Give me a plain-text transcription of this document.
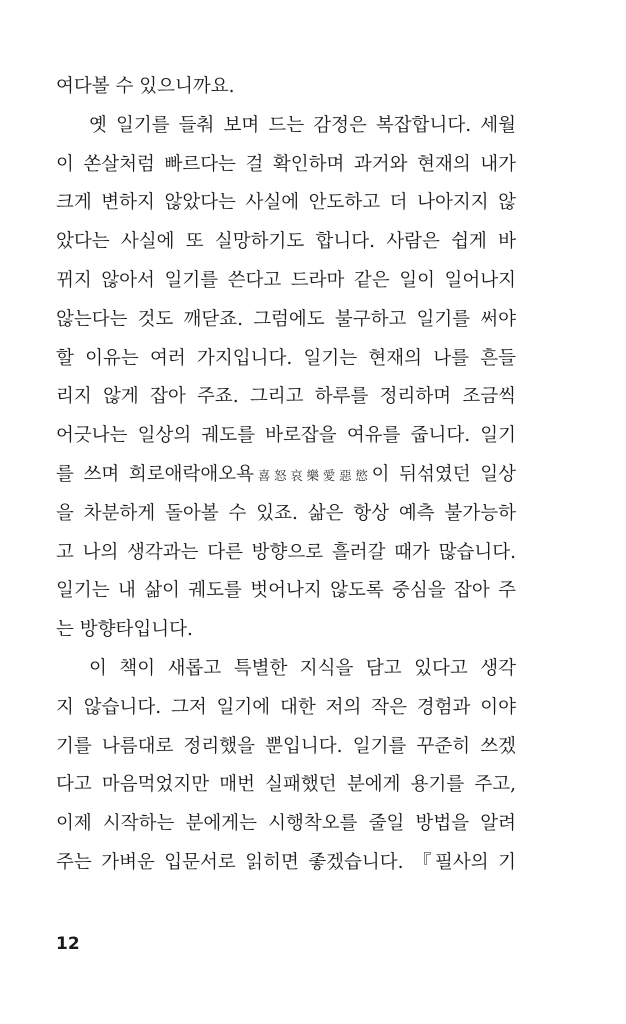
여다볼 수 있으니까요.
옛 일기를 들춰 보며 드는 감정은 복잡합니다. 세월
이 쏜살처럼 빠르다는 걸 확인하며 과거와 현재의 내가
크게 변하지 않았다는 사실에 안도하고 더 나아지지 않
았다는 사실에 또 실망하기도 합니다. 사람은 쉽게 바
뀌지 않아서 일기를 쓴다고 드라마 같은 일이 일어나지
않는다는 것도 깨닫죠. 그럼에도 불구하고 일기를 써야
할 이유는 여러 가지입니다. 일기는 현재의 나를 흔들
리지 않게 잡아 주죠. 그리고 하루를 정리하며 조금씩
어긋나는 일상의 궤도를 바로잡을 여유를 줍니다. 일기
를 쓰며 희로애락애오욕喜怒哀樂愛惡慾이 뒤섞였던 일상
을 차분하게 돌아볼 수 있죠. 삶은 항상 예측 불가능하
고 나의 생각과는 다른 방향으로 흘러갈 때가 많습니다.
일기는 내 삶이 궤도를 벗어나지 않도록 중심을 잡아 주
는 방향타입니다.
이 책이 새롭고 특별한 지식을 담고 있다고 생각
지 않습니다. 그저 일기에 대한 저의 작은 경험과 이야
기를 나름대로 정리했을 뿐입니다. 일기를 꾸준히 쓰겠
다고 마음먹었지만 매번 실패했던 분에게 용기를 주고,
이제 시작하는 분에게는 시행착오를 줄일 방법을 알려
주는 가벼운 입문서로 읽히면 좋겠습니다. 『필사의 기
12
